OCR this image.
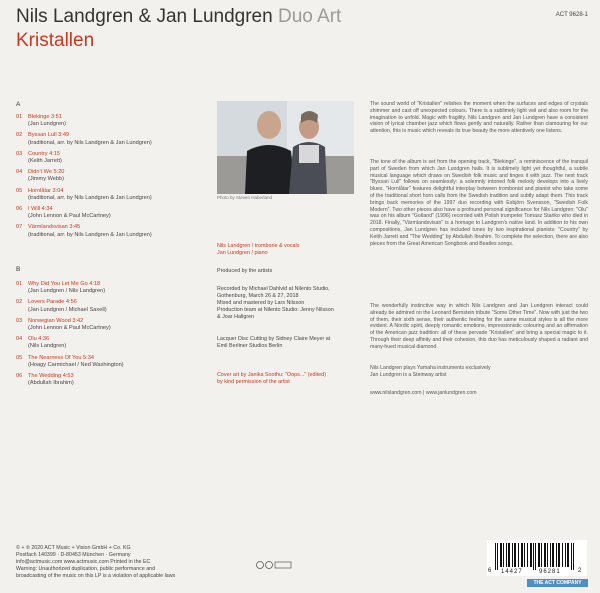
Nils Landgren & Jan Lundgren Duo Art
Kristallen
ACT 9628-1
A
01 Blekinge 3:51
(Jan Lundgren)
02 Byssan Lull 3:49
(traditional, arr. by Nils Landgren & Jan Lundgren)
03 Country 4:15
(Keith Jarrett)
04 Didn't We 5:20
(Jimmy Webb)
05 Hornlåtar 3:04
(traditional, arr. by Nils Landgren & Jan Lundgren)
06 I Will 4:34
(John Lennon & Paul McCartney)
07 Värmlandsvisan 3:45
(traditional, arr. by Nils Landgren & Jan Lundgren)
B
01 Why Did You Let Me Go 4:18
(Jan Lundgren / Nils Landgren)
02 Lovers Parade 4:56
(Jan Lundgren / Michael Saxell)
03 Norwegian Wood 3:42
(John Lennon & Paul McCartney)
04 Olu 4:36
(Nils Landgren)
05 The Nearness Of You 5:34
(Hoagy Carmichael / Ned Washington)
06 The Wedding 4:53
(Abdullah Ibrahim)
Photo by Steven Haberland
Nils Landgren / trombone & vocals
Jan Lundgren / piano
Produced by the artists
Recorded by Michael Dahlvid at Nilento Studio,
Gothenburg, March 26 & 27, 2018
Mixed and mastered by Lars Nilsson
Production team at Nilento Studio: Jenny Nilsson
& Joar Hallgren
Lacquer Disc Cutting by Sidney Claire Meyer at
Emil Berliner Studios Berlin
Cover art by Janika Soothu: "Oops..." (edited)
by kind permission of the artist
The sound world of "Kristallen" relishes the moment when the surfaces and edges of crystals shimmer and cast off unexpected colours. There is a sublimely light veil and also room for the imagination to unfold. Magic with fragility. Nils Landgren and Jan Lundgren have a consistent vision of lyrical chamber jazz which flows gently and naturally. Rather than clamouring for our attention, this is music which reveals its true beauty the more attentively one listens.
The tone of the album is set from the opening track, "Blekinge", a reminiscence of the tranquil part of Sweden from which Jan Lundgren hails. It is sublimely light yet thoughtful, a subtle musical language which draws on Swedish folk music and tinges it with jazz. The next track "Byssan Lull" follows on seamlessly: a solemnly intoned folk melody develops into a lively blues. "Hornlåtar" features delightful interplay between trombonist and pianist who take some of the traditional short horn calls from the Swedish tradition and subtly adapt them. This track brings back memories of the 1997 duo recording with Esbjörn Svensson, "Swedish Folk Modern". Two other pieces also have a profound personal significance for Nils Landgren: "Olu" was on his album "Gotland" (1996) recorded with Polish trumpeter Tomasz Stańko who died in 2018. Finally, "Värmlandsvisan" is a homage to Landgren's native land. In addition to his own compositions, Jan Lundgren has included tunes by two inspirational pianists: "Country" by Keith Jarrett and "The Wedding" by Abdullah Ibrahim. To complete the selection, there are also pieces from the Great American Songbook and Beatles songs.
The wonderfully instinctive way in which Nils Landgren and Jan Lundgren interact could already be admired on the Leonard Bernstein tribute "Some Other Time". Now with just the two of them, their sixth sense, their authentic feeling for the same musical styles is all the more evident. A Nordic spirit, deeply romantic emotions, impressionistic colouring and an affirmation of the American jazz tradition: all of these pervade "Kristallen" and bring a special magic to it. Through their deep affinity and their cohesion, this duo has meticulously shaped a radiant and many-hued musical diamond.
Nils Landgren plays Yamaha instruments exclusively
Jan Lundgren is a Steinway artist
www.nilslandgren.com | www.janlundgren.com
© + ℗ 2020 ACT Music + Vision GmbH + Co. KG
Postfach 140399 · D-80453 München · Germany
info@actmusic.com www.actmusic.com Printed in the EC
Warning: Unauthorized duplication, public performance and
broadcasting of the music on this LP is a violation of applicable laws
6 14427	96281	2
THE ACT COMPANY
